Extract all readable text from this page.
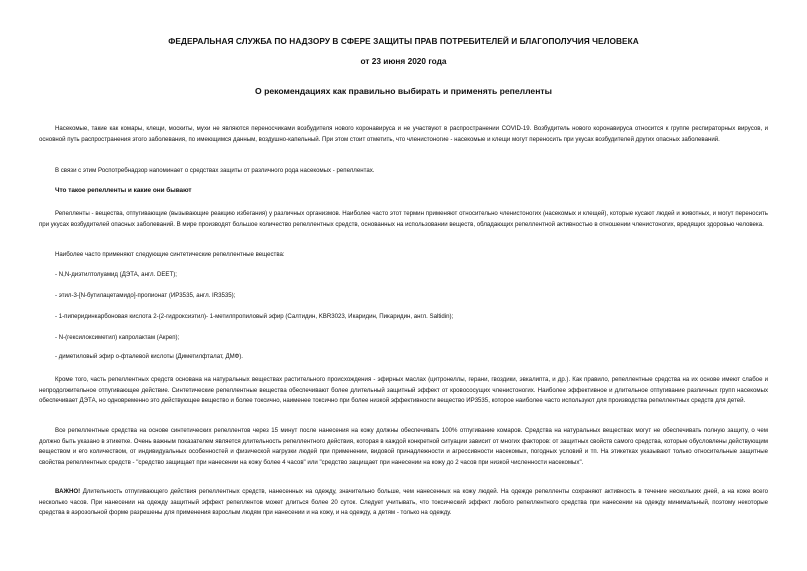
ФЕДЕРАЛЬНАЯ СЛУЖБА ПО НАДЗОРУ В СФЕРЕ ЗАЩИТЫ ПРАВ ПОТРЕБИТЕЛЕЙ И БЛАГОПОЛУЧИЯ ЧЕЛОВЕКА
от 23 июня 2020 года
О рекомендациях как правильно выбирать и применять репелленты

Насекомые, такие как комары, клещи, москиты, мухи не являются переносчиками возбудителя нового коронавируса и не участвуют в распространении COVID-19. Возбудитель нового коронавируса относится к группе респираторных вирусов, и основной путь распространения этого заболевания, по имеющимся данным, воздушно-капельный. При этом стоит отметить, что членистоногие - насекомые и клещи могут переносить при укусах возбудителей других опасных заболеваний.

В связи с этим Роспотребнадзор напоминает о средствах защиты от различного рода насекомых - репеллентах.

Что такое репелленты и какие они бывают

Репелленты - вещества, отпугивающие (вызывающие реакцию избегания) у различных организмов. Наиболее часто этот термин применяют относительно членистоногих (насекомых и клещей), которые кусают людей и животных, и могут переносить при укусах возбудителей опасных заболеваний. В мире производят большое количество репеллентных средств, основанных на использовании веществ, обладающих репеллентной активностью в отношении членистоногих, вредящих здоровью человека.

Наиболее часто применяют следующие синтетические репеллентные вещества:

- N,N-диэтилтолуамид (ДЭТА, англ. DEET);

- этил-3-[N-бутилацетамидо]-пропионат (ИР3535, англ. IR3535);

- 1-пиперидинкарбоновая кислота 2-(2-гидроксиэтил)- 1-метилпропиловый эфир (Салтидин, KBR3023, Икаридин, Пикаридин, англ. Saltidin);

- N-(гексилоксиметил) капролактам (Акреп);

- диметиловый эфир о-фталевой кислоты (Диметилфталат, ДМФ).

Кроме того, часть репеллентных средств основана на натуральных веществах растительного происхождения - эфирных маслах (цитронеллы, герани, гвоздики, эвкалипта, и др.). Как правило, репеллентные средства на их основе имеют слабое и непродолжительное отпугивающее действие. Синтетические репеллентные вещества обеспечивают более длительный защитный эффект от кровососущих членистоногих. Наиболее эффективное и длительное отпугивание различных групп насекомых обеспечивает ДЭТА, но одновременно это действующее вещество и более токсично, наименее токсично при более низкой эффективности вещество ИР3535, которое наиболее часто используют для производства репеллентных средств для детей.

Все репеллентные средства на основе синтетических репеллентов через 15 минут после нанесения на кожу должны обеспечивать 100% отпугивание комаров. Средства на натуральных веществах могут не обеспечивать полную защиту, о чем должно быть указано в этикетке. Очень важным показателем является длительность репеллентного действия, которая в каждой конкретной ситуации зависит от многих факторов: от защитных свойств самого средства, которые обусловлены действующим веществом и его количеством, от индивидуальных особенностей и физической нагрузки людей при применении, видовой принадлежности и агрессивности насекомых, погодных условий и тп. На этикетках указывают только относительные защитные свойства репеллентных средств - "средство защищает при нанесении на кожу более 4 часов" или "средство защищает при нанесении на кожу до 2 часов при низкой численности насекомых".

ВАЖНО! Длительность отпугивающего действия репеллентных средств, нанесенных на одежду, значительно больше, чем нанесенных на кожу людей. На одежде репелленты сохраняют активность в течение нескольких дней, а на коже всего несколько часов. При нанесении на одежду защитный эффект репеллентов может длиться более 20 суток. Следует учитывать, что токсический эффект любого репеллентного средства при нанесении на одежду минимальный, поэтому некоторые средства в аэрозольной форме разрешены для применения взрослым людям при нанесении и на кожу, и на одежду, а детям - только на одежду.
